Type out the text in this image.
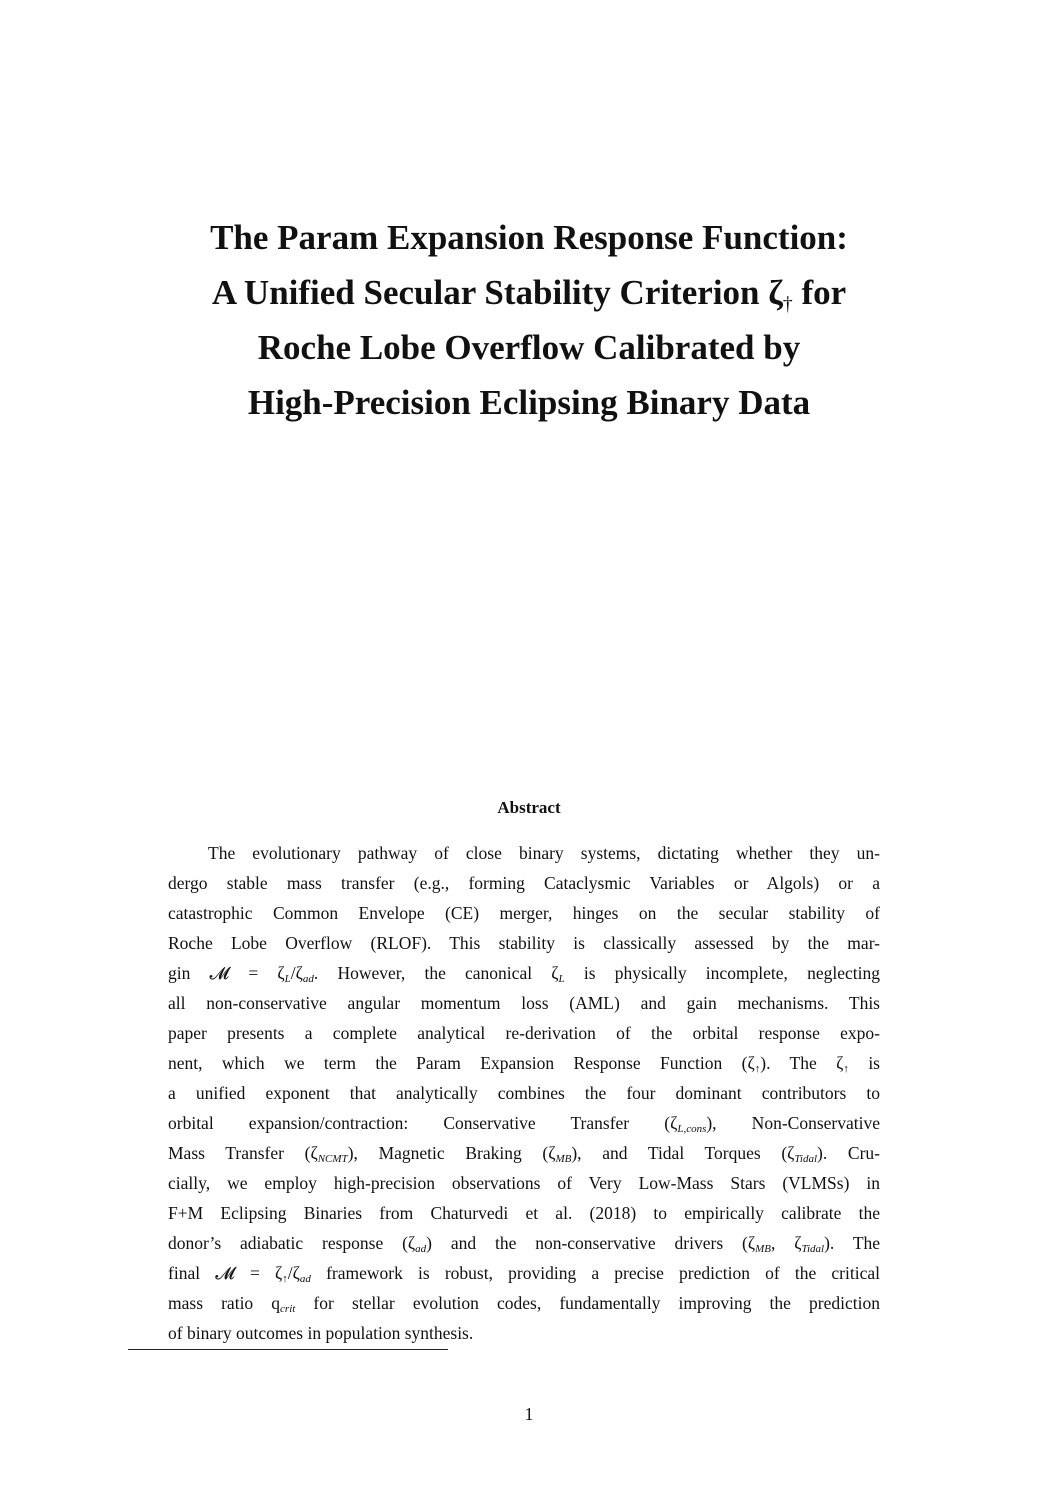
The Param Expansion Response Function:
A Unified Secular Stability Criterion $\zeta_\dagger$ for
Roche Lobe Overflow Calibrated by
High-Precision Eclipsing Binary Data
Abstract
The evolutionary pathway of close binary systems, dictating whether they un-
dergo stable mass transfer (e.g., forming Cataclysmic Variables or Algols) or a
catastrophic Common Envelope (CE) merger, hinges on the secular stability of
Roche Lobe Overflow (RLOF). This stability is classically assessed by the mar-
gin 𝓜 = $\zeta_L/\zeta_{ad}$. However, the canonical $\zeta_L$ is physically incomplete, neglecting
all non-conservative angular momentum loss (AML) and gain mechanisms. This
paper presents a complete analytical re-derivation of the orbital response expo-
nent, which we term the Param Expansion Response Function $(\zeta_↑)$. The $\zeta_↑$ is
a unified exponent that analytically combines the four dominant contributors to
orbital expansion/contraction: Conservative Transfer $(\zeta_{L,cons})$, Non-Conservative
Mass Transfer $(\zeta_{NCMT})$, Magnetic Braking $(\zeta_{MB})$, and Tidal Torques $(\zeta_{Tidal})$. Cru-
cially, we employ high-precision observations of Very Low-Mass Stars (VLMSs) in
F+M Eclipsing Binaries from Chaturvedi et al. (2018) to empirically calibrate the
donor’s adiabatic response $(\zeta_{ad})$ and the non-conservative drivers ($\zeta_{MB}$, $\zeta_{Tidal}$). The
final 𝓜 = $\zeta_↑/\zeta_{ad}$ framework is robust, providing a precise prediction of the critical
mass ratio $q_{crit}$ for stellar evolution codes, fundamentally improving the prediction
of binary outcomes in population synthesis.
1
